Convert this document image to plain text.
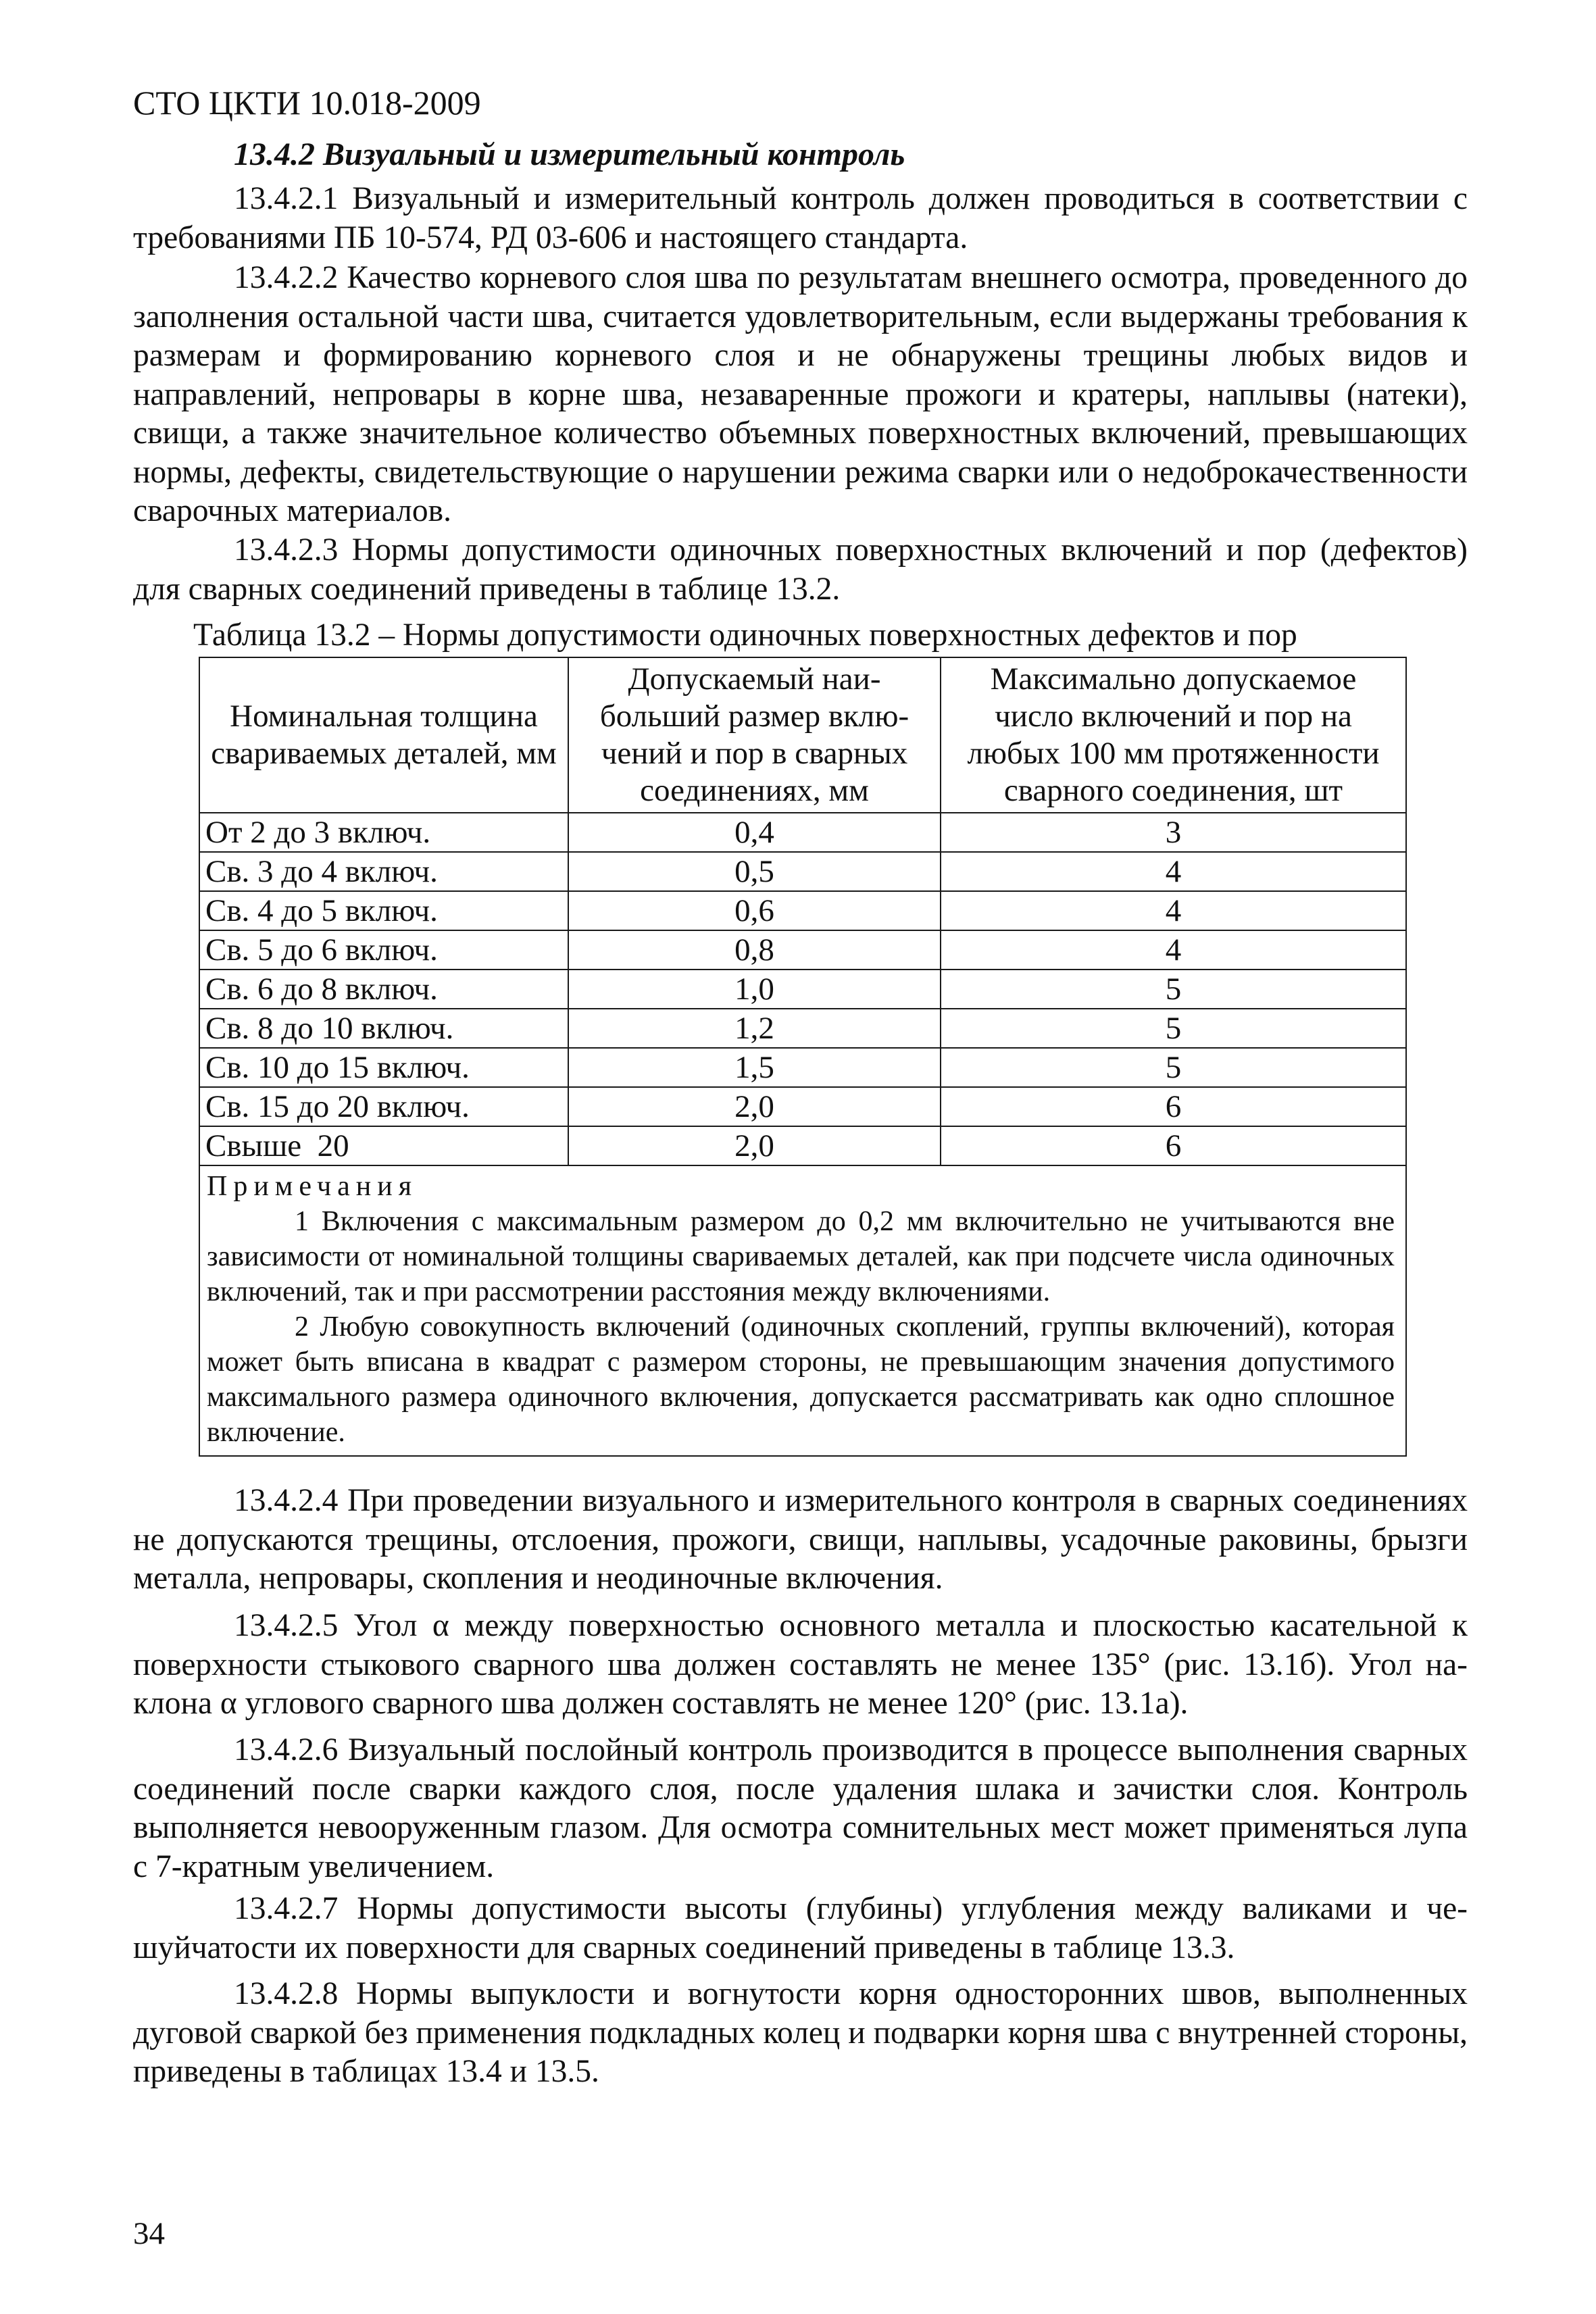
СТО ЦКТИ 10.018-2009

13.4.2 Визуальный и измерительный контроль

13.4.2.1 Визуальный и измерительный контроль должен проводиться в соответствии с требованиями ПБ 10-574, РД 03-606 и настоящего стандарта.

13.4.2.2 Качество корневого слоя шва по результатам внешнего осмотра, проведенного до заполнения остальной части шва, считается удовлетворительным, если выдержаны требования к размерам и формированию корневого слоя и не обнаружены трещины любых видов и направлений, непровары в корне шва, незаваренные прожоги и кратеры, наплывы (натеки), свищи, а также значительное количество объемных поверхностных включений, превышающих нормы, дефекты, свидетельствующие о нарушении режима сварки или о недоброкачественности сварочных материалов.

13.4.2.3 Нормы допустимости одиночных поверхностных включений и пор (дефектов) для сварных соединений приведены в таблице 13.2.

Таблица 13.2 – Нормы допустимости одиночных поверхностных дефектов и пор

Номинальная толщина свариваемых деталей, мм	Допускаемый наибольший размер включений и пор в сварных соединениях, мм	Максимально допускаемое число включений и пор на любых 100 мм протяженности сварного соединения, шт
От 2 до 3 включ.	0,4	3
Св. 3 до 4 включ.	0,5	4
Св. 4 до 5 включ.	0,6	4
Св. 5 до 6 включ.	0,8	4
Св. 6 до 8 включ.	1,0	5
Св. 8 до 10 включ.	1,2	5
Св. 10 до 15 включ.	1,5	5
Св. 15 до 20 включ.	2,0	6
Свыше  20	2,0	6

Примечания

1 Включения с максимальным размером до 0,2 мм включительно не учитываются вне зависимости от номинальной толщины свариваемых деталей, как при подсчете числа одиночных включений, так и при рассмотрении расстояния между включениями.

2 Любую совокупность включений (одиночных скоплений, группы включений), которая может быть вписана в квадрат с размером стороны, не превышающим значения допустимого максимального размера одиночного включения, допускается рассматривать как одно сплошное включение.		

13.4.2.4 При проведении визуального и измерительного контроля в сварных соединениях не допускаются трещины, отслоения, прожоги, свищи, наплывы, усадочные раковины, брызги металла, непровары, скопления и неодиночные включения.

13.4.2.5 Угол α между поверхностью основного металла и плоскостью касательной к поверхности стыкового сварного шва должен составлять не менее 135° (рис. 13.1б). Угол наклона α углового сварного шва должен составлять не менее 120° (рис. 13.1а).

13.4.2.6 Визуальный послойный контроль производится в процессе выполнения сварных соединений после сварки каждого слоя, после удаления шлака и зачистки слоя. Контроль выполняется невооруженным глазом. Для осмотра сомнительных мест может применяться лупа с 7-кратным увеличением.

13.4.2.7 Нормы допустимости высоты (глубины) углубления между валиками и чешуйчатости их поверхности для сварных соединений приведены в таблице 13.3.

13.4.2.8 Нормы выпуклости и вогнутости корня односторонних швов, выполненных дуговой сваркой без применения подкладных колец и подварки корня шва с внутренней стороны, приведены в таблицах 13.4 и 13.5.

34
